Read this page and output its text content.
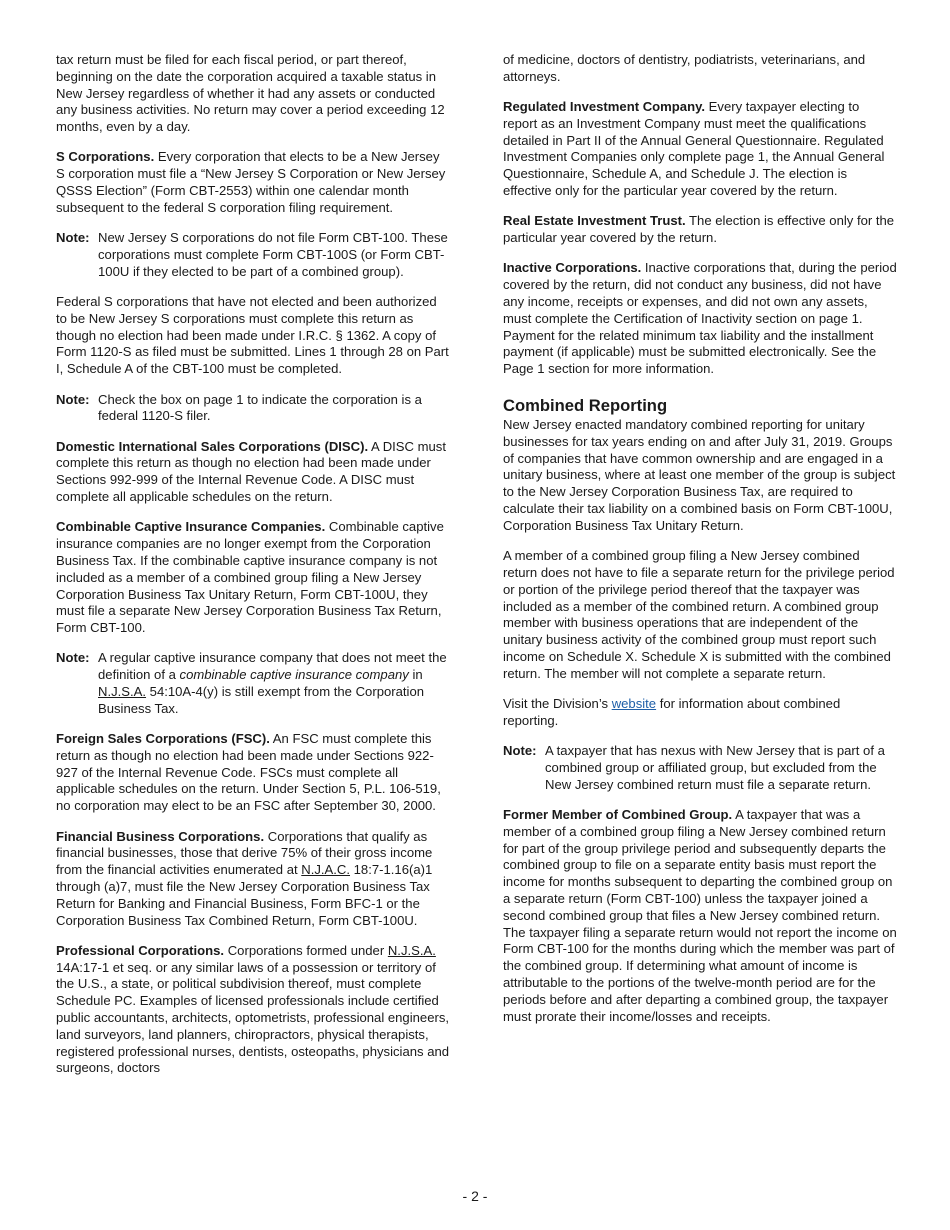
tax return must be filed for each fiscal period, or part thereof, beginning on the date the corporation acquired a taxable status in New Jersey regardless of whether it had any assets or conducted any business activities. No return may cover a period exceeding 12 months, even by a day.

S Corporations. Every corporation that elects to be a New Jersey S corporation must file a “New Jersey S Corporation or New Jersey QSSS Election” (Form CBT-2553) within one calendar month subsequent to the federal S corporation filing requirement.

Note: New Jersey S corporations do not file Form CBT-100. These corporations must complete Form CBT-100S (or Form CBT-100U if they elected to be part of a combined group).

Federal S corporations that have not elected and been authorized to be New Jersey S corporations must complete this return as though no election had been made under I.R.C. § 1362. A copy of Form 1120-S as filed must be submitted. Lines 1 through 28 on Part I, Schedule A of the CBT-100 must be completed.

Note: Check the box on page 1 to indicate the corporation is a federal 1120-S filer.

Domestic International Sales Corporations (DISC). A DISC must complete this return as though no election had been made under Sections 992-999 of the Internal Revenue Code. A DISC must complete all applicable schedules on the return.

Combinable Captive Insurance Companies. Combinable captive insurance companies are no longer exempt from the Corporation Business Tax. If the combinable captive insurance company is not included as a member of a combined group filing a New Jersey Corporation Business Tax Unitary Return, Form CBT-100U, they must file a separate New Jersey Corporation Business Tax Return, Form CBT-100.

Note: A regular captive insurance company that does not meet the definition of a combinable captive insurance company in N.J.S.A. 54:10A-4(y) is still exempt from the Corporation Business Tax.

Foreign Sales Corporations (FSC). An FSC must complete this return as though no election had been made under Sections 922-927 of the Internal Revenue Code. FSCs must complete all applicable schedules on the return. Under Section 5, P.L. 106-519, no corporation may elect to be an FSC after September 30, 2000.

Financial Business Corporations. Corporations that qualify as financial businesses, those that derive 75% of their gross income from the financial activities enumerated at N.J.A.C. 18:7-1.16(a)1 through (a)7, must file the New Jersey Corporation Business Tax Return for Banking and Financial Business, Form BFC-1 or the Corporation Business Tax Combined Return, Form CBT-100U.

Professional Corporations. Corporations formed under N.J.S.A. 14A:17-1 et seq. or any similar laws of a possession or territory of the U.S., a state, or political subdivision thereof, must complete Schedule PC. Examples of licensed professionals include certified public accountants, architects, optometrists, professional engineers, land surveyors, land planners, chiropractors, physical therapists, registered professional nurses, dentists, osteopaths, physicians and surgeons, doctors

of medicine, doctors of dentistry, podiatrists, veterinarians, and attorneys.

Regulated Investment Company. Every taxpayer electing to report as an Investment Company must meet the qualifications detailed in Part II of the Annual General Questionnaire. Regulated Investment Companies only complete page 1, the Annual General Questionnaire, Schedule A, and Schedule J. The election is effective only for the particular year covered by the return.

Real Estate Investment Trust. The election is effective only for the particular year covered by the return.

Inactive Corporations. Inactive corporations that, during the period covered by the return, did not conduct any business, did not have any income, receipts or expenses, and did not own any assets, must complete the Certification of Inactivity section on page 1. Payment for the related minimum tax liability and the installment payment (if applicable) must be submitted electronically. See the Page 1 section for more information.

Combined Reporting

New Jersey enacted mandatory combined reporting for unitary businesses for tax years ending on and after July 31, 2019. Groups of companies that have common ownership and are engaged in a unitary business, where at least one member of the group is subject to the New Jersey Corporation Business Tax, are required to calculate their tax liability on a combined basis on Form CBT-100U, Corporation Business Tax Unitary Return.

A member of a combined group filing a New Jersey combined return does not have to file a separate return for the privilege period or portion of the privilege period thereof that the taxpayer was included as a member of the combined return. A combined group member with business operations that are independent of the unitary business activity of the combined group must report such income on Schedule X. Schedule X is submitted with the combined return. The member will not complete a separate return.

Visit the Division’s website for information about combined reporting.

Note: A taxpayer that has nexus with New Jersey that is part of a combined group or affiliated group, but excluded from the New Jersey combined return must file a separate return.

Former Member of Combined Group. A taxpayer that was a member of a combined group filing a New Jersey combined return for part of the group privilege period and subsequently departs the combined group to file on a separate entity basis must report the income for months subsequent to departing the combined group on a separate return (Form CBT-100) unless the taxpayer joined a second combined group that files a New Jersey combined return. The taxpayer filing a separate return would not report the income on Form CBT-100 for the months during which the member was part of the combined group. If determining what amount of income is attributable to the portions of the twelve-month period are for the periods before and after departing a combined group, the taxpayer must prorate their income/losses and receipts.

- 2 -
